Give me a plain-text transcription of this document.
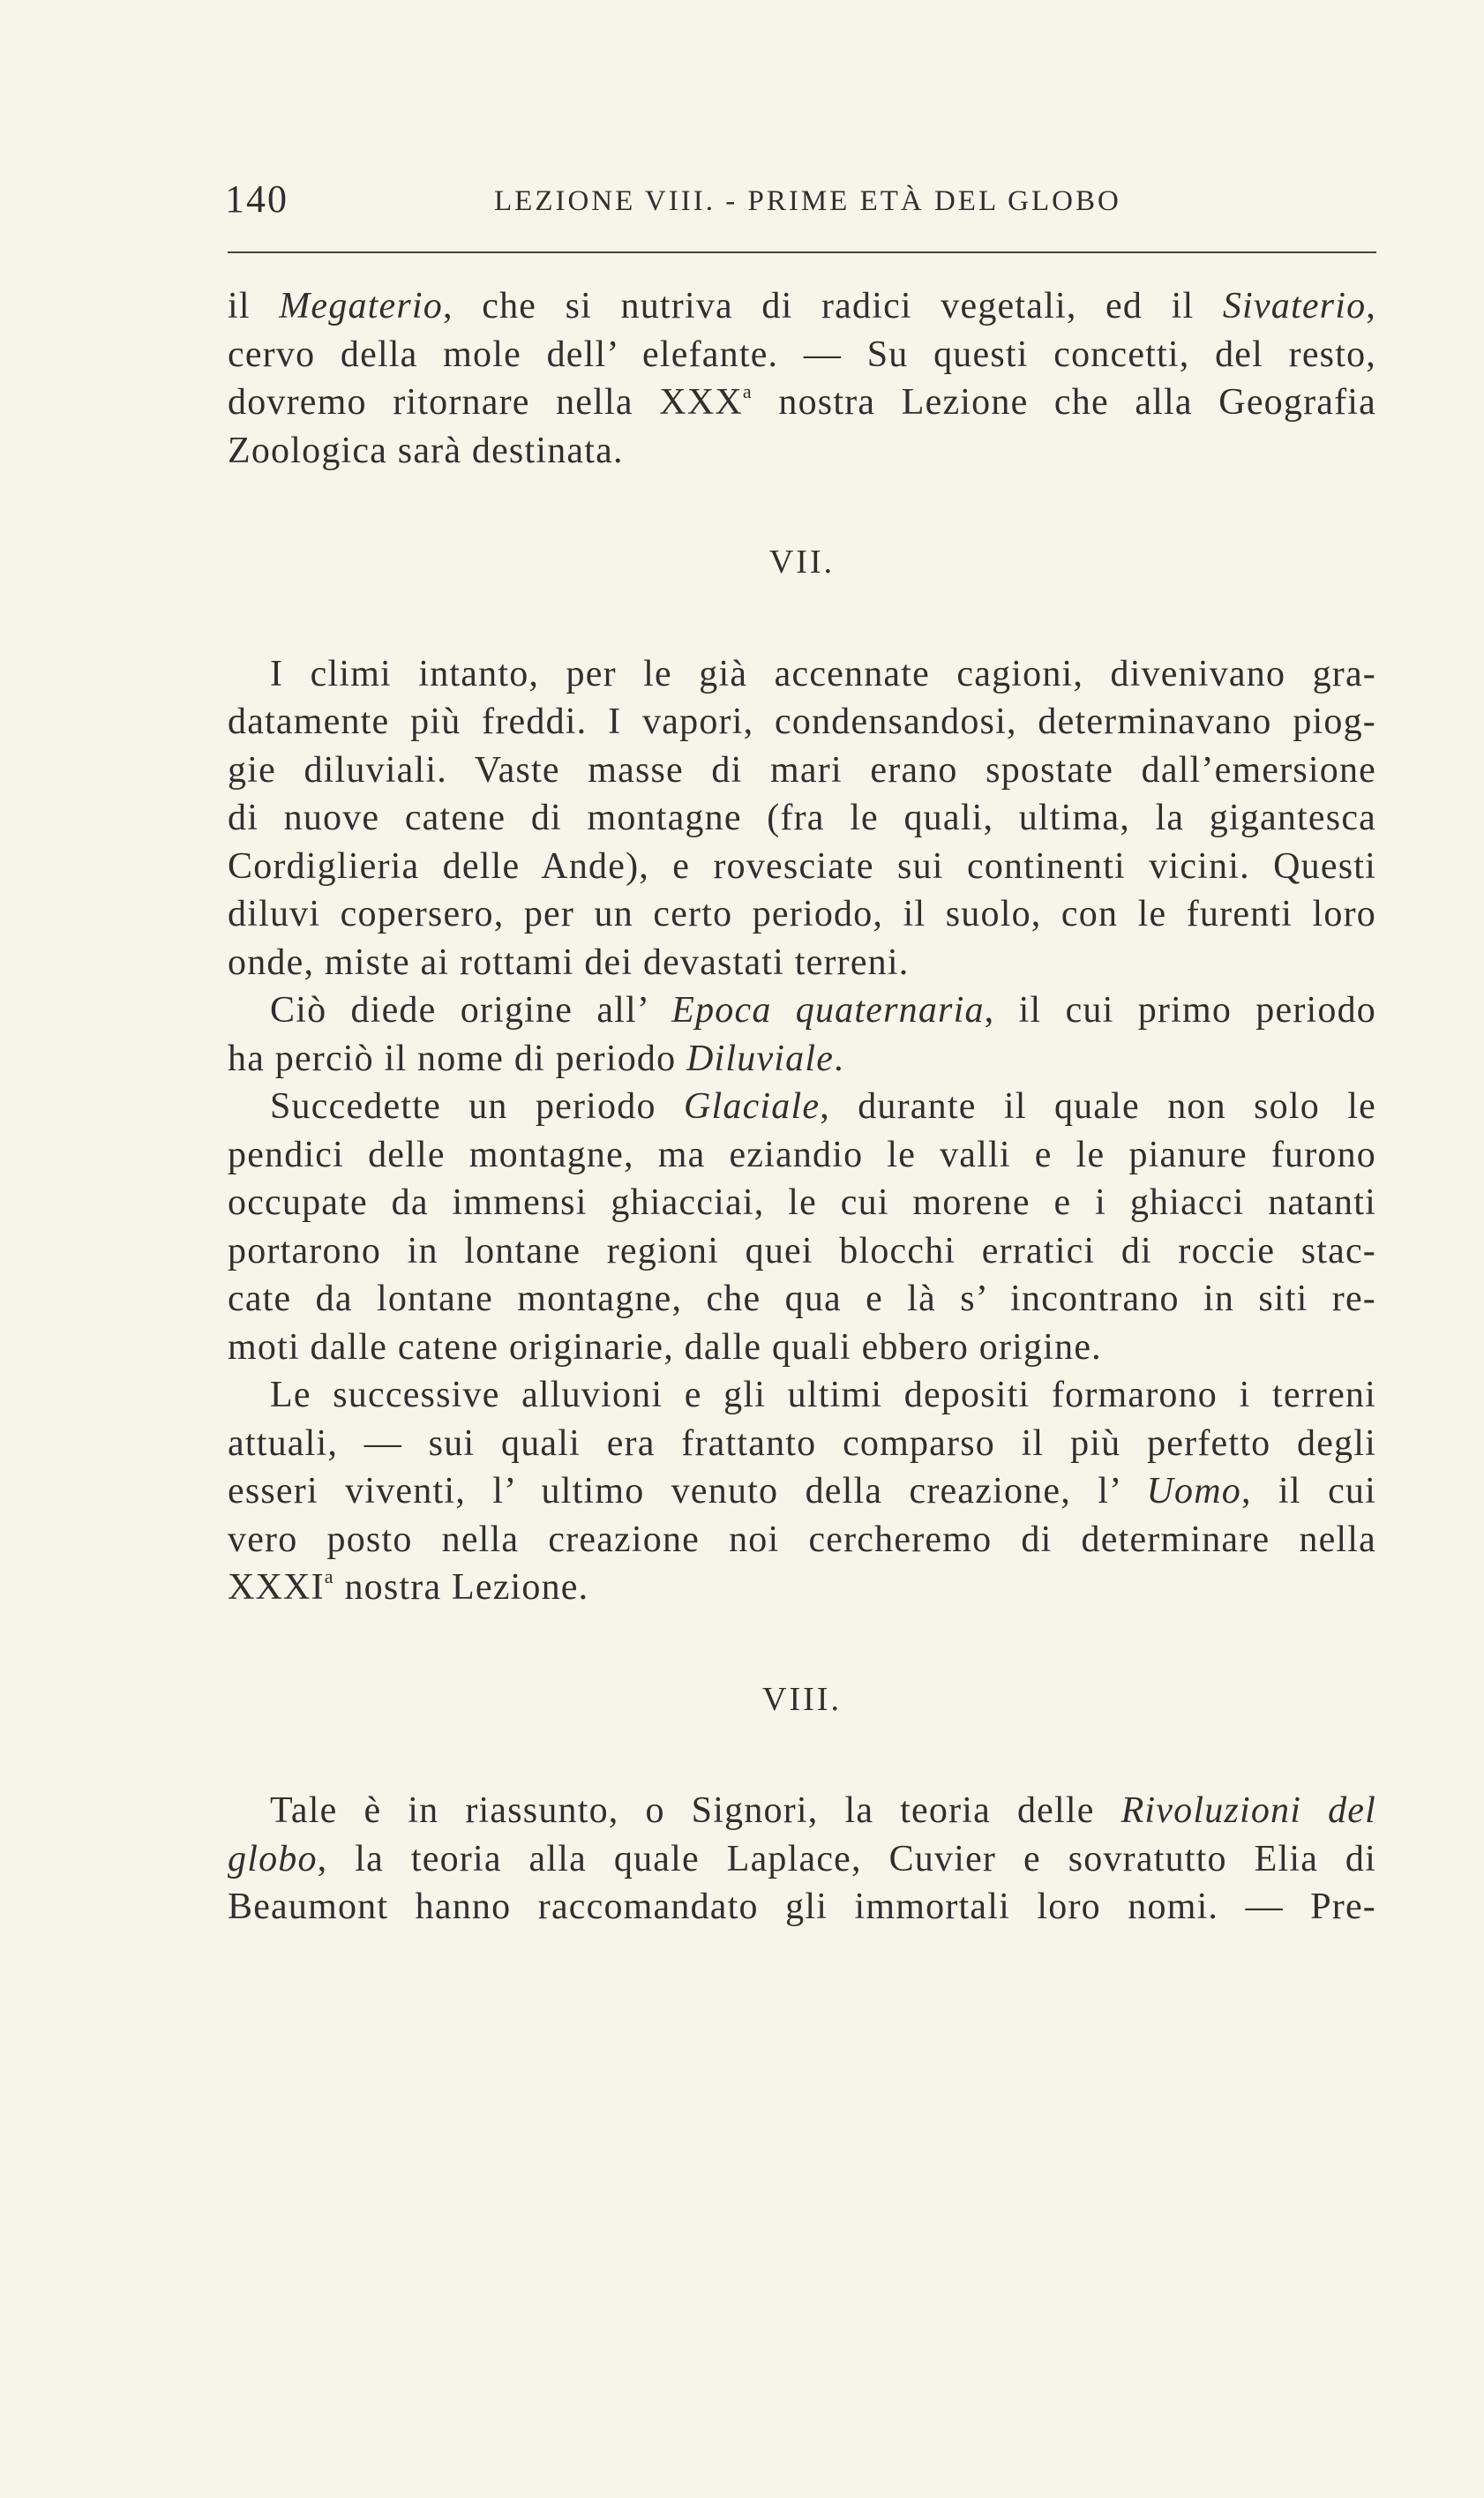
140	LEZIONE VIII. - PRIME ETÀ DEL GLOBO
il Megaterio, che si nutriva di radici vegetali, ed il Sivaterio,
cervo della mole dell’ elefante. — Su questi concetti, del resto,
dovremo ritornare nella XXX$^a$ nostra Lezione che alla Geografia
Zoologica sarà destinata.
VII.
I climi intanto, per le già accennate cagioni, divenivano gra-
datamente più freddi. I vapori, condensandosi, determinavano piog-
gie diluviali. Vaste masse di mari erano spostate dall’emersione
di nuove catene di montagne (fra le quali, ultima, la gigantesca
Cordiglieria delle Ande), e rovesciate sui continenti vicini. Questi
diluvi copersero, per un certo periodo, il suolo, con le furenti loro
onde, miste ai rottami dei devastati terreni.
Ciò diede origine all’ Epoca quaternaria, il cui primo periodo
ha perciò il nome di periodo Diluviale.
Succedette un periodo Glaciale, durante il quale non solo le
pendici delle montagne, ma eziandio le valli e le pianure furono
occupate da immensi ghiacciai, le cui morene e i ghiacci natanti
portarono in lontane regioni quei blocchi erratici di roccie stac-
cate da lontane montagne, che qua e là s’ incontrano in siti re-
moti dalle catene originarie, dalle quali ebbero origine.
Le successive alluvioni e gli ultimi depositi formarono i terreni
attuali, — sui quali era frattanto comparso il più perfetto degli
esseri viventi, l’ ultimo venuto della creazione, l’ Uomo, il cui
vero posto nella creazione noi cercheremo di determinare nella
XXXI$^a$ nostra Lezione.
VIII.
Tale è in riassunto, o Signori, la teoria delle Rivoluzioni del
globo, la teoria alla quale Laplace, Cuvier e sovratutto Elia di
Beaumont hanno raccomandato gli immortali loro nomi. — Pre-
